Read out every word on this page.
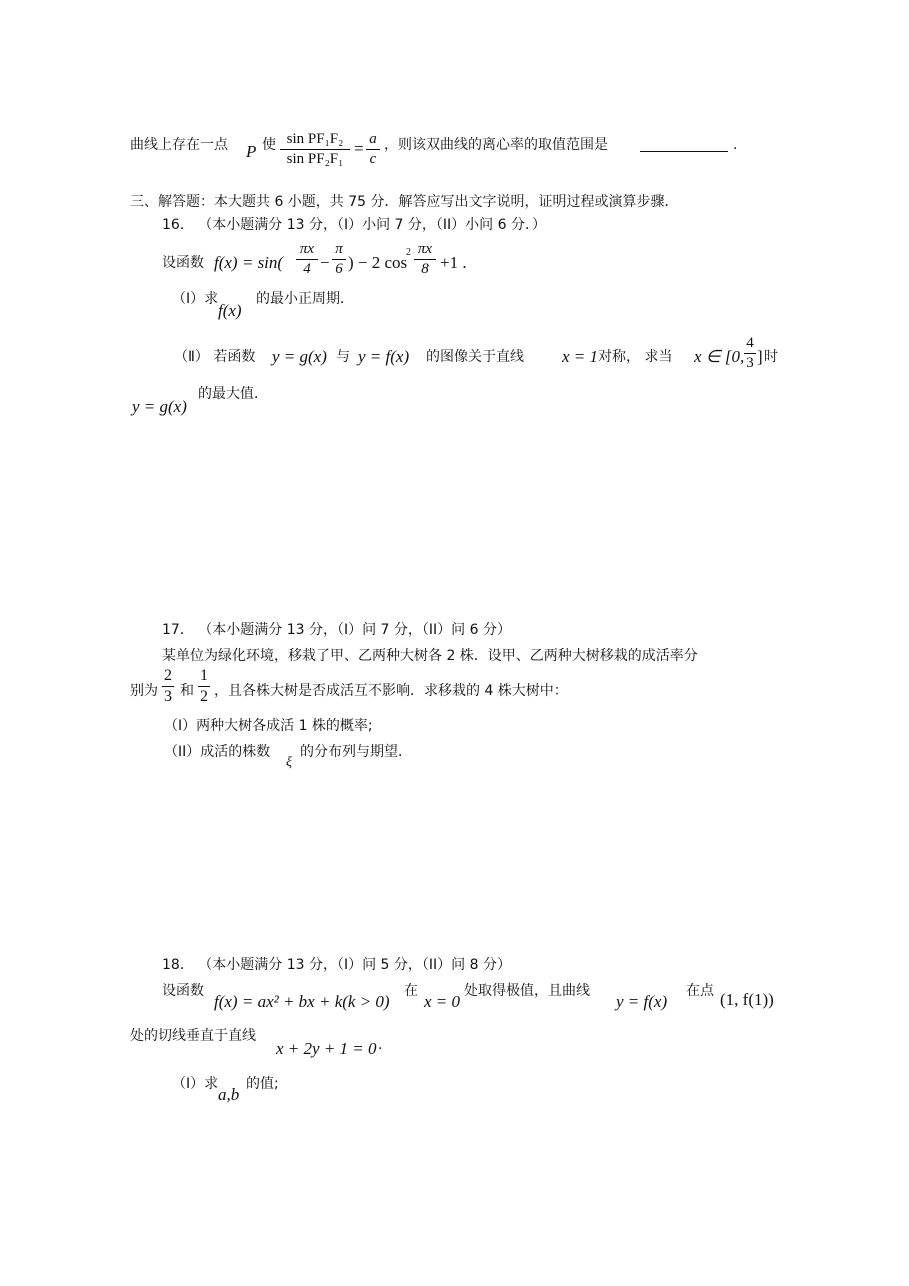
曲线上存在一点 P 使 sin PF₁F₂
sin PF₂F₁
= a
c
，则该双曲线的离心率的取值范围是	.
三、解答题：本大题共 6 小题，共 75 分．解答应写出文字说明，证明过程或演算步骤．
16． （本小题满分 13 分，（I）小问 7 分，（II）小问 6 分．）
设函数 f(x) = sin(
πx
4 −
π
6 ) − 2 cos
2 πx
8 +1 .
（I）求
f(x)
的最小正周期．
（Ⅱ） 若函数 y = g(x) 与 y = f(x) 的图像关于直线 x = 1 对称， 求当 x ∈ [0,
4
3 ] 时
y = g(x)
的最大值．
17． （本小题满分 13 分，（I）问 7 分，（II）问 6 分）
某单位为绿化环境，移栽了甲、乙两种大树各 2 株．设甲、乙两种大树移栽的成活率分
别为
2
3 和
1
2 ，且各株大树是否成活互不影响．求移栽的 4 株大树中：
（I）两种大树各成活 1 株的概率;
（II）成活的株数
ξ
的分布列与期望．
18． （本小题满分 13 分，（I）问 5 分，（II）问 8 分）
设函数
f(x) = ax² + bx + k(k > 0)
在
x = 0
处取得极值，且曲线
y = f(x)
在点 (1, f(1))
处的切线垂直于直线
x + 2y + 1 = 0 .
（I）求
a,b
的值;
